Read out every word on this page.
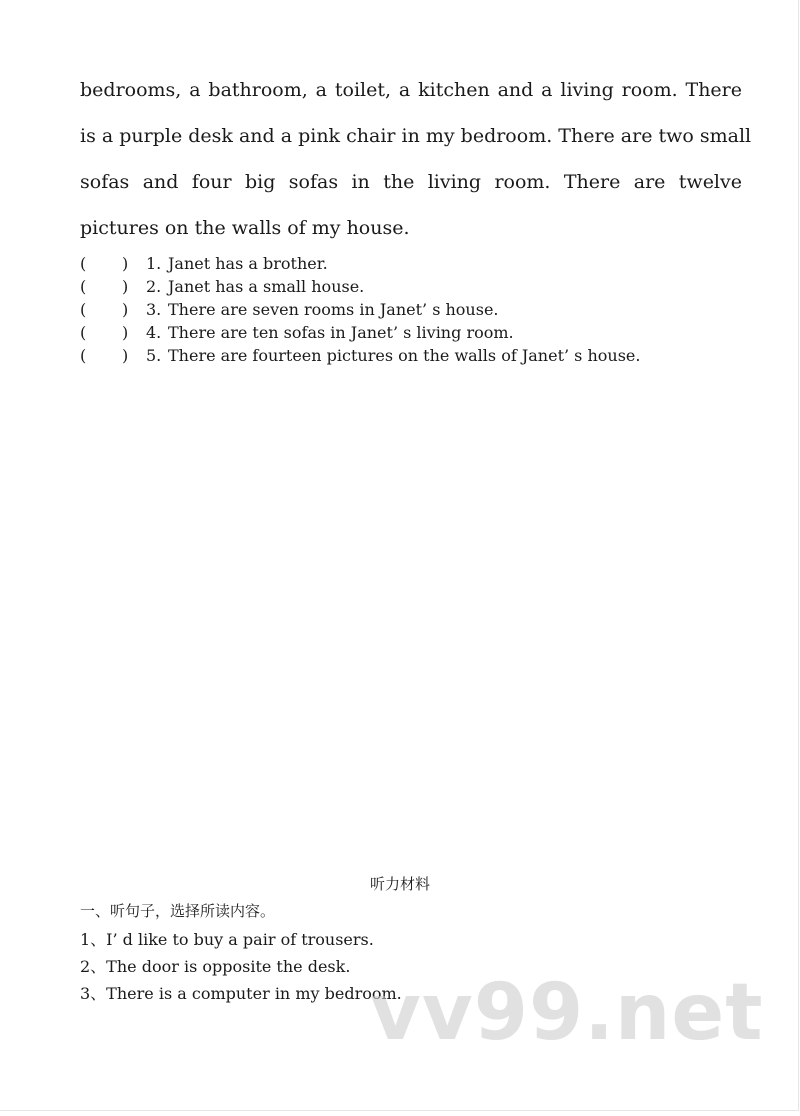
bedrooms, a bathroom, a toilet, a kitchen and a living room. There
is a purple desk and a pink chair in my bedroom. There are two small
sofas and four big sofas in the living room. There are twelve
pictures on the walls of my house.
(	)	1. Janet has a brother.
(	)	2. Janet has a small house.
(	)	3. There are seven rooms in Janet’ s house.
(	)	4. There are ten sofas in Janet’ s living room.
(	)	5. There are fourteen pictures on the walls of Janet’ s house.
听力材料
一、听句子，选择所读内容。
1、I’ d like to buy a pair of trousers.
2、The door is opposite the desk.
3、There is a computer in my bedroom.
vv99.net
